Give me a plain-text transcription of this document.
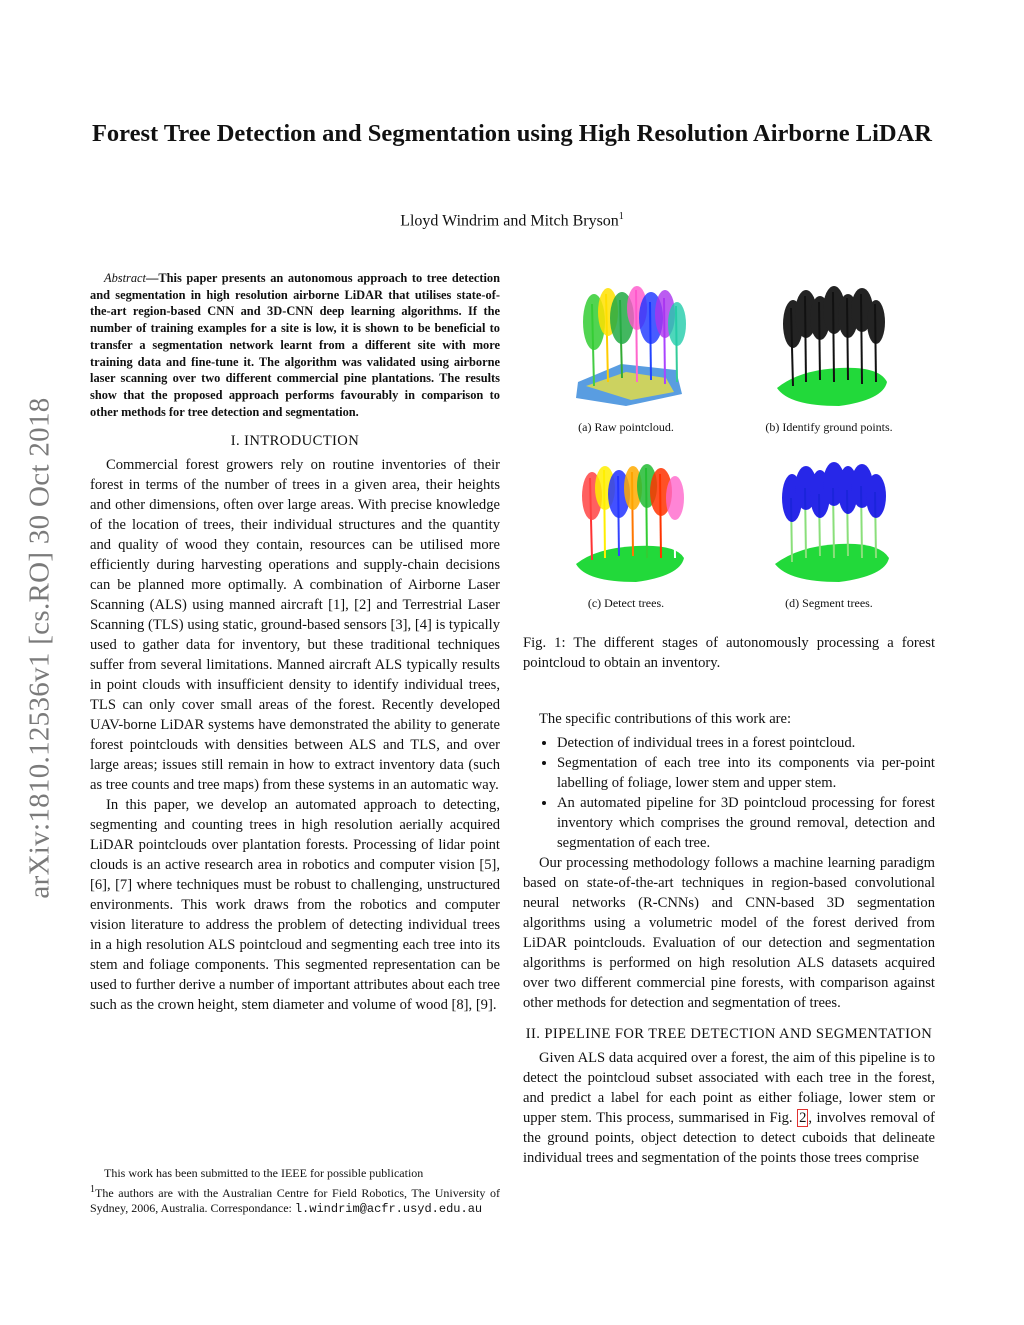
Forest Tree Detection and Segmentation using High Resolution Airborne LiDAR
Lloyd Windrim and Mitch Bryson$^1$
arXiv:1810.12536v1 [cs.RO] 30 Oct 2018

Abstract—This paper presents an autonomous approach to tree detection and segmentation in high resolution airborne LiDAR that utilises state-of-the-art region-based CNN and 3D-CNN deep learning algorithms. If the number of training examples for a site is low, it is shown to be beneficial to transfer a segmentation network learnt from a different site with more training data and fine-tune it. The algorithm was validated using airborne laser scanning over two different commercial pine plantations. The results show that the proposed approach performs favourably in comparison to other methods for tree detection and segmentation.

I. INTRODUCTION

Commercial forest growers rely on routine inventories of their forest in terms of the number of trees in a given area, their heights and other dimensions, often over large areas. With precise knowledge of the location of trees, their individual structures and the quantity and quality of wood they contain, resources can be utilised more efficiently during harvesting operations and supply-chain decisions can be planned more optimally. A combination of Airborne Laser Scanning (ALS) using manned aircraft [1], [2] and Terrestrial Laser Scanning (TLS) using static, ground-based sensors [3], [4] is typically used to gather data for inventory, but these traditional techniques suffer from several limitations. Manned aircraft ALS typically results in point clouds with insufficient density to identify individual trees, TLS can only cover small areas of the forest. Recently developed UAV-borne LiDAR systems have demonstrated the ability to generate forest pointclouds with densities between ALS and TLS, and over large areas; issues still remain in how to extract inventory data (such as tree counts and tree maps) from these systems in an automatic way.

In this paper, we develop an automated approach to detecting, segmenting and counting trees in high resolution aerially acquired LiDAR pointclouds over plantation forests. Processing of lidar point clouds is an active research area in robotics and computer vision [5], [6], [7] where techniques must be robust to challenging, unstructured environments. This work draws from the robotics and computer vision literature to address the problem of detecting individual trees in a high resolution ALS pointcloud and segmenting each tree into its stem and foliage components. This segmented representation can be used to further derive a number of important attributes about each tree such as the crown height, stem diameter and volume of wood [8], [9].

This work has been submitted to the IEEE for possible publication

$^1$The authors are with the Australian Centre for Field Robotics, The University of Sydney, 2006, Australia. Correspondance: l.windrim@acfr.usyd.edu.au

(a) Raw pointcloud.	(b) Identify ground points.
(c) Detect trees.	(d) Segment trees.

Fig. 1: The different stages of autonomously processing a forest pointcloud to obtain an inventory.

The specific contributions of this work are:

• Detection of individual trees in a forest pointcloud.
• Segmentation of each tree into its components via per-point labelling of foliage, lower stem and upper stem.
• An automated pipeline for 3D pointcloud processing for forest inventory which comprises the ground removal, detection and segmentation of each tree.

Our processing methodology follows a machine learning paradigm based on state-of-the-art techniques in region-based convolutional neural networks (R-CNNs) and CNN-based 3D segmentation algorithms using a volumetric model of the forest derived from LiDAR pointclouds. Evaluation of our detection and segmentation algorithms is performed on high resolution ALS datasets acquired over two different commercial pine forests, with comparison against other methods for detection and segmentation of trees.

II. PIPELINE FOR TREE DETECTION AND SEGMENTATION

Given ALS data acquired over a forest, the aim of this pipeline is to detect the pointcloud subset associated with each tree in the forest, and predict a label for each point as either foliage, lower stem or upper stem. This process, summarised in Fig. 2 , involves removal of the ground points, object detection to detect cuboids that delineate individual trees and segmentation of the points those trees comprise
